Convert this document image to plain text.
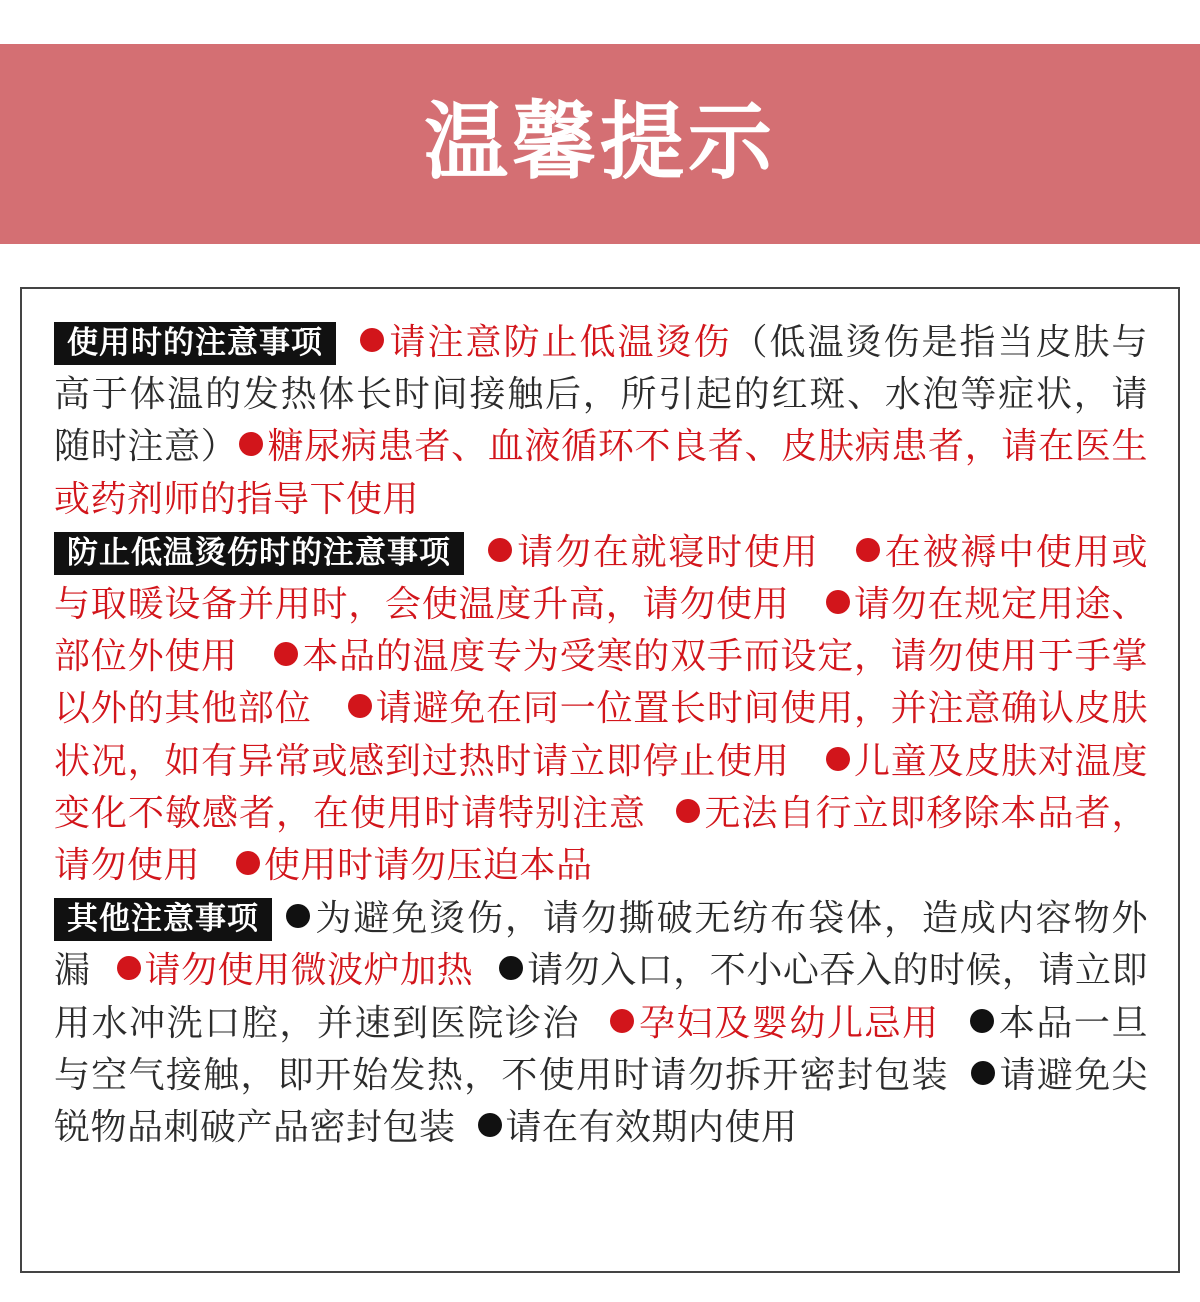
温馨提示
使用时的注意事项 请注意防止低温烫伤（低温烫伤是指当皮肤与高于体温的发热体长时间接触后，所引起的红斑、水泡等症状，请随时注意） 糖尿病患者、血液循环不良者、皮肤病患者，请在医生或药剂师的指导下使用
防止低温烫伤时的注意事项 请勿在就寝时使用 在被褥中使用或与取暖设备并用时，会使温度升高，请勿使用 请勿在规定用途、部位外使用 本品的温度专为受寒的双手而设定，请勿使用于手掌以外的其他部位 请避免在同一位置长时间使用，并注意确认皮肤状况，如有异常或感到过热时请立即停止使用 儿童及皮肤对温度变化不敏感者，在使用时请特别注意 无法自行立即移除本品者，请勿使用 使用时请勿压迫本品
其他注意事项 为避免烫伤，请勿撕破无纺布袋体，造成内容物外漏 请勿使用微波炉加热 请勿入口，不小心吞入的时候，请立即用水冲洗口腔，并速到医院诊治 孕妇及婴幼儿忌用 本品一旦与空气接触，即开始发热，不使用时请勿拆开密封包装 请避免尖锐物品刺破产品密封包装 请在有效期内使用
